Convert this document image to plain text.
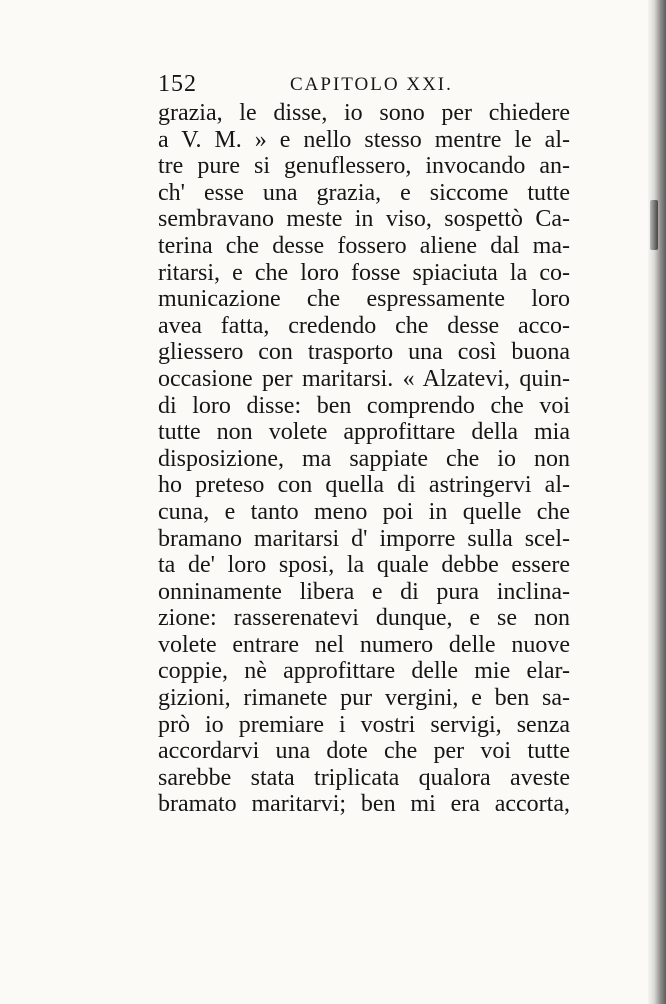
152	CAPITOLO XXI.
grazia, le disse, io sono per chiedere
a V. M. » e nello stesso mentre le al-
tre pure si genuflessero, invocando an-
ch' esse una grazia, e siccome tutte
sembravano meste in viso, sospettò Ca-
terina che desse fossero aliene dal ma-
ritarsi, e che loro fosse spiaciuta la co-
municazione che espressamente loro
avea fatta, credendo che desse acco-
gliessero con trasporto una così buona
occasione per maritarsi. « Alzatevi, quin-
di loro disse: ben comprendo che voi
tutte non volete approfittare della mia
disposizione, ma sappiate che io non
ho preteso con quella di astringervi al-
cuna, e tanto meno poi in quelle che
bramano maritarsi d' imporre sulla scel-
ta de' loro sposi, la quale debbe essere
onninamente libera e di pura inclina-
zione: rasserenatevi dunque, e se non
volete entrare nel numero delle nuove
coppie, nè approfittare delle mie elar-
gizioni, rimanete pur vergini, e ben sa-
prò io premiare i vostri servigi, senza
accordarvi una dote che per voi tutte
sarebbe stata triplicata qualora aveste
bramato maritarvi; ben mi era accorta,
